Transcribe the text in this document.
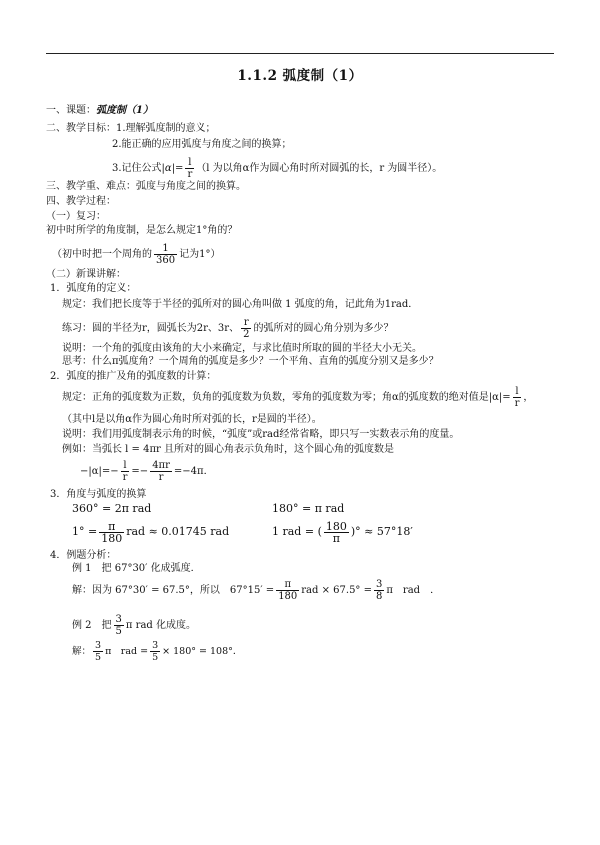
1.1.2 弧度制（1）
一、课题：弧度制（1）
二、教学目标：1.理解弧度制的意义；
2.能正确的应用弧度与角度之间的换算；
3.记住公式$|\alpha|= \frac{l}{r} (l$ 为以角α作为圆心角时所对圆弧的长，r 为圆半径）。
三、教学重、难点：弧度与角度之间的换算。
四、教学过程：
（一）复习：
初中时所学的角度制，是怎么规定1°角的？
（初中时把一个周角的 $\frac{1}{360}$ 记为1°）
（二）新课讲解：
1．弧度角的定义：
规定：我们把长度等于半径的弧所对的圆心角叫做 1 弧度的角，记此角为1rad．
练习：圆的半径为r，圆弧长为2r、3r、 $\frac{r}{2}$ 的弧所对的圆心角分别为多少？
说明：一个角的弧度由该角的大小来确定，与求比值时所取的圆的半径大小无关。
思考：什么π弧度角？一个周角的弧度是多少？一个平角、直角的弧度分别又是多少？
2．弧度的推广及角的弧度数的计算：
规定：正角的弧度数为正数，负角的弧度数为负数，零角的弧度数为零；角α的弧度数的绝对值是$|\alpha|= \frac{l}{r}$ ，
（其中l是以角α作为圆心角时所对弧的长，r是圆的半径）。
说明：我们用弧度制表示角的时候，“弧度”或rad经常省略，即只写一实数表示角的度量。
例如：当弧长 l = 4πr 且所对的圆心角表示负角时，这个圆心角的弧度数是
$-|\alpha|=- \frac{l}{r} =- \frac{4\pi r}{r} =-4\pi$．
3．角度与弧度的换算
360° = 2π rad	180° = π rad
$1^\circ = \frac{\pi}{180}$ rad ≈ 0.01745 rad	1 rad = ( $\frac{180}{\pi}$ )° ≈ 57°18′
4．例题分析：
例 1　把 67°30′ 化成弧度．
解：因为 67°30′ = 67.5°，所以　$67^\circ 15' = \frac{\pi}{180}$ rad × $67.5^\circ = \frac{3}{8}$ π　rad　．
例 2　把 $\frac{3}{5}$ π rad 化成度。
解： $\frac{3}{5}$ π　rad = $\frac{3}{5} \times 180^\circ = 108^\circ$．
